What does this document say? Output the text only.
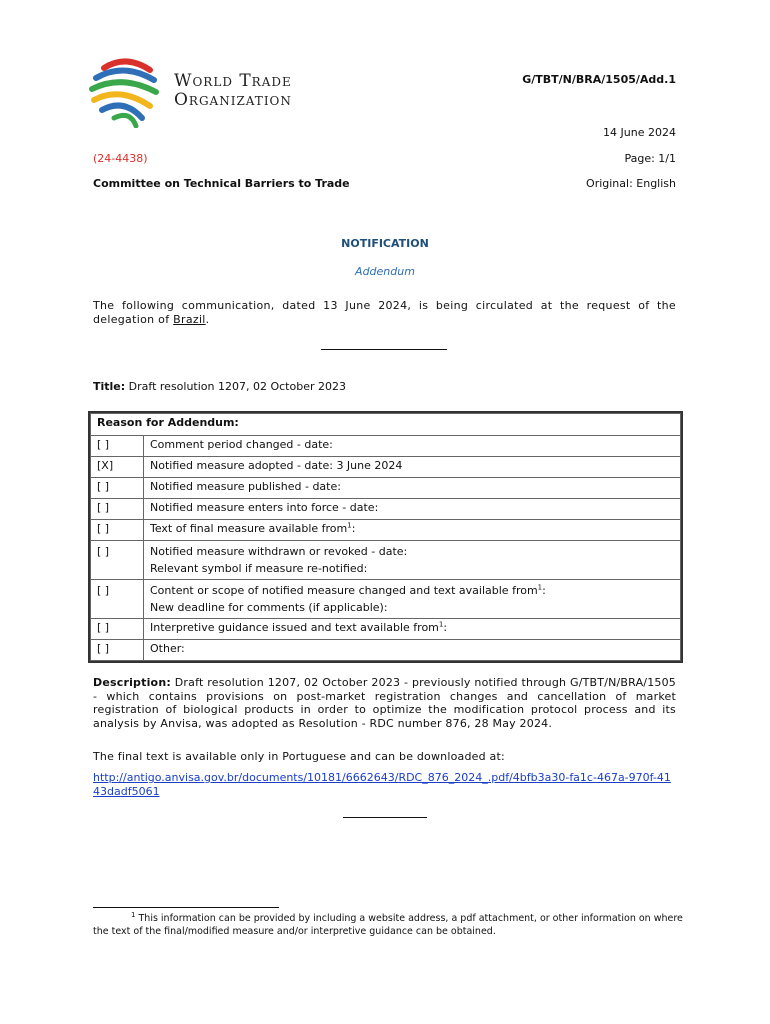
World Trade
Organization
G/TBT/N/BRA/1505/Add.1
14 June 2024
(24-4438)	Page: 1/1
Committee on Technical Barriers to Trade	Original: English
NOTIFICATION
Addendum
The following communication, dated 13 June 2024, is being circulated at the request of the delegation of Brazil.
Title: Draft resolution 1207, 02 October 2023
Reason for Addendum:	
[ ]	Comment period changed - date:
[X]	Notified measure adopted - date: 3 June 2024
[ ]	Notified measure published - date:
[ ]	Notified measure enters into force - date:
[ ]	Text of final measure available from$^1$:
[ ]	Notified measure withdrawn or revoked - date:
Relevant symbol if measure re-notified:

[ ]	Content or scope of notified measure changed and text available from$^1$:
New deadline for comments (if applicable):

[ ]	Interpretive guidance issued and text available from$^1$:
[ ]	Other:
Description: Draft resolution 1207, 02 October 2023 - previously notified through G/TBT/N/BRA/1505 - which contains provisions on post-market registration changes and cancellation of market registration of biological products in order to optimize the modification protocol process and its analysis by Anvisa, was adopted as Resolution - RDC number 876, 28 May 2024.
The final text is available only in Portuguese and can be downloaded at:
http://antigo.anvisa.gov.br/documents/10181/6662643/RDC_876_2024_.pdf/4bfb3a30-fa1c-467a-970f-4143dadf5061
$^1$ This information can be provided by including a website address, a pdf attachment, or other information on where the text of the final/modified measure and/or interpretive guidance can be obtained.
